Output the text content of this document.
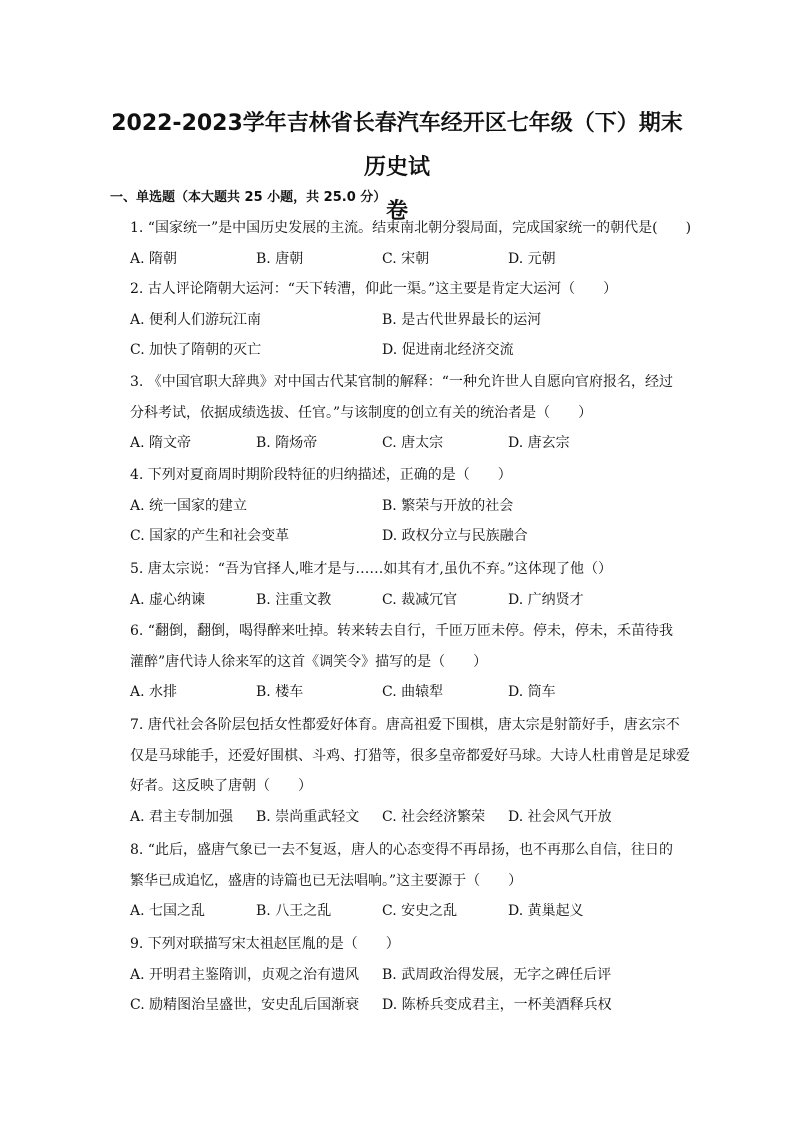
2022-2023学年吉林省长春汽车经开区七年级（下）期末历史试
卷
一、单选题（本大题共 25 小题，共 25.0 分）
1. “国家统一”是中国历史发展的主流。结束南北朝分裂局面，完成国家统一的朝代是(　　)
A. 隋朝	B. 唐朝	C. 宋朝	D. 元朝
2. 古人评论隋朝大运河：“天下转漕，仰此一渠。”这主要是肯定大运河（　　）
A. 便利人们游玩江南	B. 是古代世界最长的运河
C. 加快了隋朝的灭亡	D. 促进南北经济交流
3. 《中国官职大辞典》对中国古代某官制的解释：“一种允许世人自愿向官府报名，经过
分科考试，依据成绩选拔、任官。”与该制度的创立有关的统治者是（　　）
A. 隋文帝	B. 隋炀帝	C. 唐太宗	D. 唐玄宗
4. 下列对夏商周时期阶段特征的归纳描述，正确的是（　　）
A. 统一国家的建立	B. 繁荣与开放的社会
C. 国家的产生和社会变革	D. 政权分立与民族融合
5. 唐太宗说：“吾为官择人,唯才是与……如其有才,虽仇不弃。”这体现了他（）
A. 虚心纳谏	B. 注重文教	C. 裁减冗官	D. 广纳贤才
6. “翻倒，翻倒，喝得醉来吐掉。转来转去自行，千匝万匝未停。停未，停未，禾苗待我
灌醉”唐代诗人徐来军的这首《调笑令》描写的是（　　）
A. 水排	B. 楼车	C. 曲辕犁	D. 筒车
7. 唐代社会各阶层包括女性都爱好体育。唐高祖爱下围棋，唐太宗是射箭好手，唐玄宗不
仅是马球能手，还爱好围棋、斗鸡、打猎等，很多皇帝都爱好马球。大诗人杜甫曾是足球爱
好者。这反映了唐朝（　　）
A. 君主专制加强	B. 崇尚重武轻文	C. 社会经济繁荣	D. 社会风气开放
8. “此后，盛唐气象已一去不复返，唐人的心态变得不再昂扬，也不再那么自信，往日的
繁华已成追忆，盛唐的诗篇也已无法唱响。”这主要源于（　　）
A. 七国之乱	B. 八王之乱	C. 安史之乱	D. 黄巢起义
9. 下列对联描写宋太祖赵匡胤的是（　　）
A. 开明君主鉴隋训，贞观之治有遗风	B. 武周政治得发展，无字之碑任后评
C. 励精图治呈盛世，安史乱后国渐衰	D. 陈桥兵变成君主，一杯美酒释兵权
